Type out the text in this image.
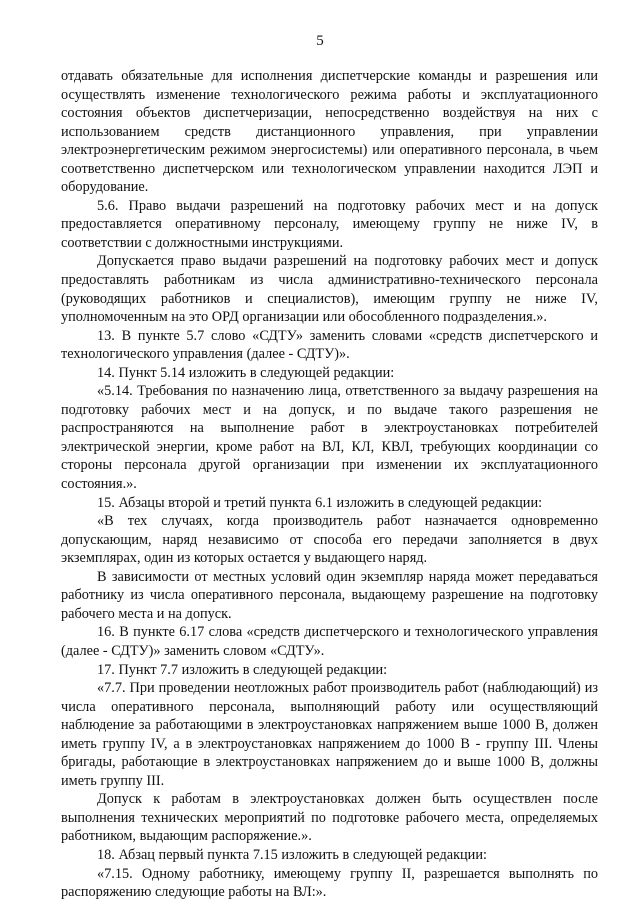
5

отдавать обязательные для исполнения диспетчерские команды и разрешения или осуществлять изменение технологического режима работы и эксплуатационного состояния объектов диспетчеризации, непосредственно воздействуя на них с использованием средств дистанционного управления, при управлении электроэнергетическим режимом энергосистемы) или оперативного персонала, в чьем соответственно диспетчерском или технологическом управлении находится ЛЭП и оборудование.

5.6. Право выдачи разрешений на подготовку рабочих мест и на допуск предоставляется оперативному персоналу, имеющему группу не ниже IV, в соответствии с должностными инструкциями.

Допускается право выдачи разрешений на подготовку рабочих мест и допуск предоставлять работникам из числа административно-технического персонала (руководящих работников и специалистов), имеющим группу не ниже IV, уполномоченным на это ОРД организации или обособленного подразделения.».

13. В пункте 5.7 слово «СДТУ» заменить словами «средств диспетчерского и технологического управления (далее - СДТУ)».

14. Пункт 5.14 изложить в следующей редакции:

«5.14. Требования по назначению лица, ответственного за выдачу разрешения на подготовку рабочих мест и на допуск, и по выдаче такого разрешения не распространяются на выполнение работ в электроустановках потребителей электрической энергии, кроме работ на ВЛ, КЛ, КВЛ, требующих координации со стороны персонала другой организации при изменении их эксплуатационного состояния.».

15. Абзацы второй и третий пункта 6.1 изложить в следующей редакции:

«В тех случаях, когда производитель работ назначается одновременно допускающим, наряд независимо от способа его передачи заполняется в двух экземплярах, один из которых остается у выдающего наряд.

В зависимости от местных условий один экземпляр наряда может передаваться работнику из числа оперативного персонала, выдающему разрешение на подготовку рабочего места и на допуск.

16. В пункте 6.17 слова «средств диспетчерского и технологического управления (далее - СДТУ)» заменить словом «СДТУ».

17. Пункт 7.7 изложить в следующей редакции:

«7.7. При проведении неотложных работ производитель работ (наблюдающий) из числа оперативного персонала, выполняющий работу или осуществляющий наблюдение за работающими в электроустановках напряжением выше 1000 В, должен иметь группу IV, а в электроустановках напряжением до 1000 В - группу III. Члены бригады, работающие в электроустановках напряжением до и выше 1000 В, должны иметь группу III.

Допуск к работам в электроустановках должен быть осуществлен после выполнения технических мероприятий по подготовке рабочего места, определяемых работником, выдающим распоряжение.».

18. Абзац первый пункта 7.15 изложить в следующей редакции:

«7.15. Одному работнику, имеющему группу II, разрешается выполнять по распоряжению следующие работы на ВЛ:».
